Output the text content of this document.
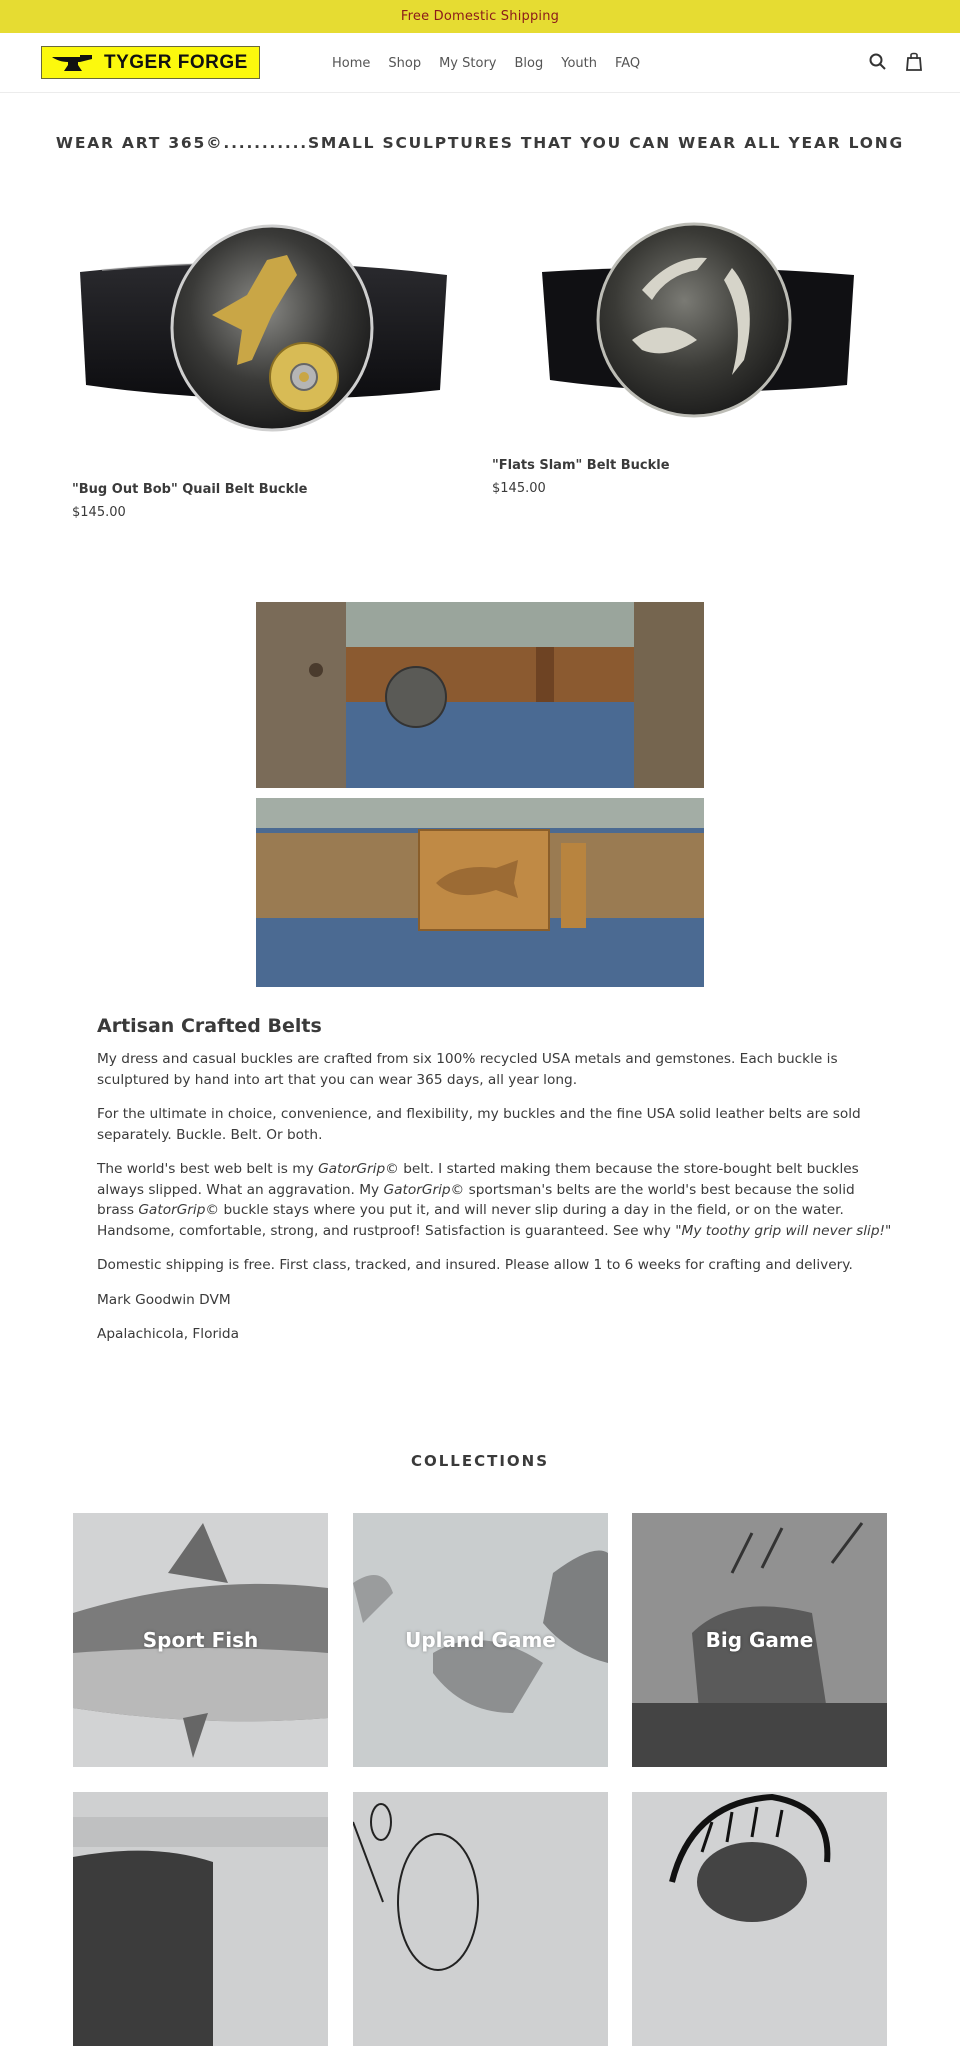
Free Domestic Shipping
TYGER FORGE	Home Shop My Story Blog Youth FAQ
WEAR ART 365©...........SMALL SCULPTURES THAT YOU CAN WEAR ALL YEAR LONG
"Bug Out Bob" Quail Belt Buckle
$145.00
"Flats Slam" Belt Buckle
$145.00
Artisan Crafted Belts

My dress and casual buckles are crafted from six 100% recycled USA metals and gemstones. Each buckle is sculptured by hand into art that you can wear 365 days, all year long.

For the ultimate in choice, convenience, and flexibility, my buckles and the fine USA solid leather belts are sold separately. Buckle. Belt. Or both.

The world's best web belt is my GatorGrip© belt. I started making them because the store-bought belt buckles always slipped. What an aggravation. My GatorGrip© sportsman's belts are the world's best because the solid brass GatorGrip© buckle stays where you put it, and will never slip during a day in the field, or on the water. Handsome, comfortable, strong, and rustproof! Satisfaction is guaranteed. See why "My toothy grip will never slip!"

Domestic shipping is free. First class, tracked, and insured. Please allow 1 to 6 weeks for crafting and delivery.

Mark Goodwin DVM

Apalachicola, Florida

COLLECTIONS
Sport Fish	Upland Game	Big Game
